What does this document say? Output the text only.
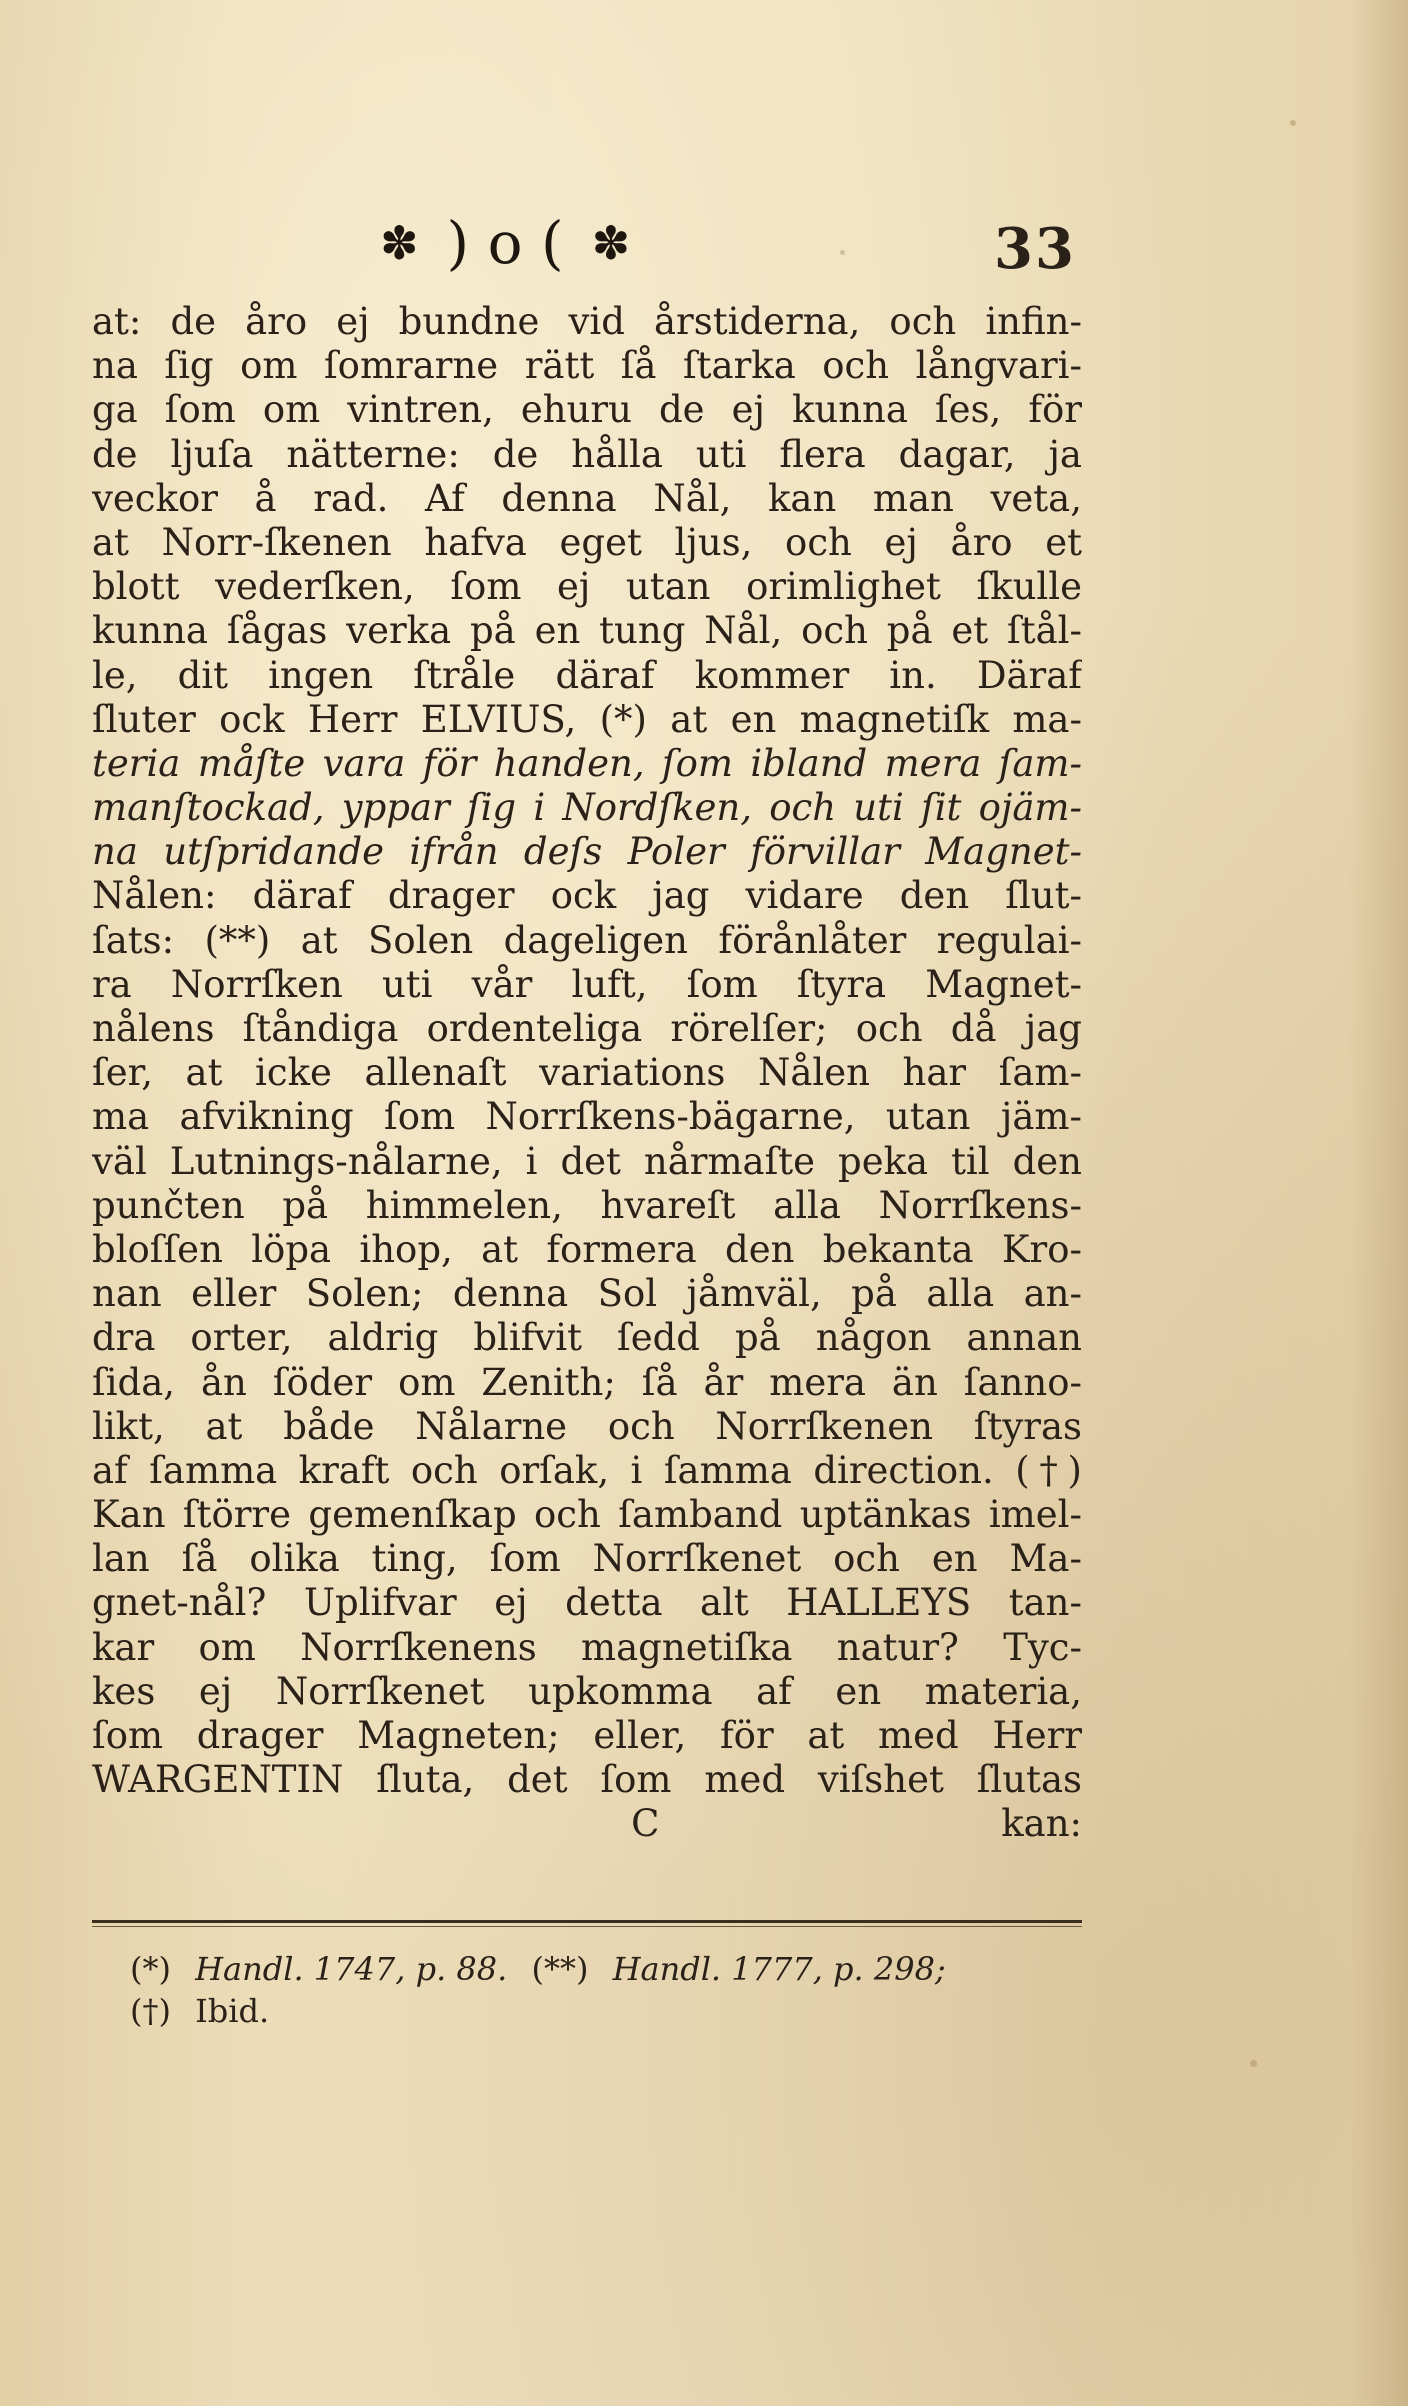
✽ ) o ( ✽	33
at: de åro ej bundne vid årstiderna, och infin-
na ſig om ſomrarne rätt ſå ſtarka och långvari-
ga ſom om vintren, ehuru de ej kunna ſes, för
de ljuſa nätterne: de hålla uti flera dagar, ja
veckor å rad. Af denna Nål, kan man veta,
at Norr-ſkenen hafva eget ljus, och ej åro et
blott vederſken, ſom ej utan orimlighet ſkulle
kunna ſågas verka på en tung Nål, och på et ſtål-
le, dit ingen ſtråle däraf kommer in. Däraf
ſluter ock Herr ELVIUS, (*) at en magnetiſk ma-
teria måſte vara för handen, ſom ibland mera ſam-
manſtockad, yppar ſig i Nordſken, och uti ſit ojäm-
na utſpridande ifrån deſs Poler förvillar Magnet-
Nålen: däraf drager ock jag vidare den ſlut-
ſats: (**) at Solen dageligen förånlåter regulai-
ra Norrſken uti vår luft, ſom ſtyra Magnet-
nålens ſtåndiga ordenteliga rörelſer; och då jag
ſer, at icke allenaſt variations Nålen har ſam-
ma afvikning ſom Norrſkens-bägarne, utan jäm-
väl Lutnings-nålarne, i det nårmaſte peka til den
punčten på himmelen, hvareſt alla Norrſkens-
bloſſen löpa ihop, at formera den bekanta Kro-
nan eller Solen; denna Sol jåmväl, på alla an-
dra orter, aldrig blifvit ſedd på någon annan
ſida, ån ſöder om Zenith; ſå år mera än ſanno-
likt, at både Nålarne och Norrſkenen ſtyras
af ſamma kraft och orſak, i ſamma direction. (†)
Kan ſtörre gemenſkap och ſamband uptänkas imel-
lan ſå olika ting, ſom Norrſkenet och en Ma-
gnet-nål? Uplifvar ej detta alt HALLEYS tan-
kar om Norrſkenens magnetiſka natur? Tyc-
kes ej Norrſkenet upkomma af en materia,
ſom drager Magneten; eller, för at med Herr
WARGENTIN ſluta, det ſom med viſshet ſlutas
C	kan:
(*) Handl. 1747, p. 88. (**) Handl. 1777, p. 298;
(†) Ibid.
